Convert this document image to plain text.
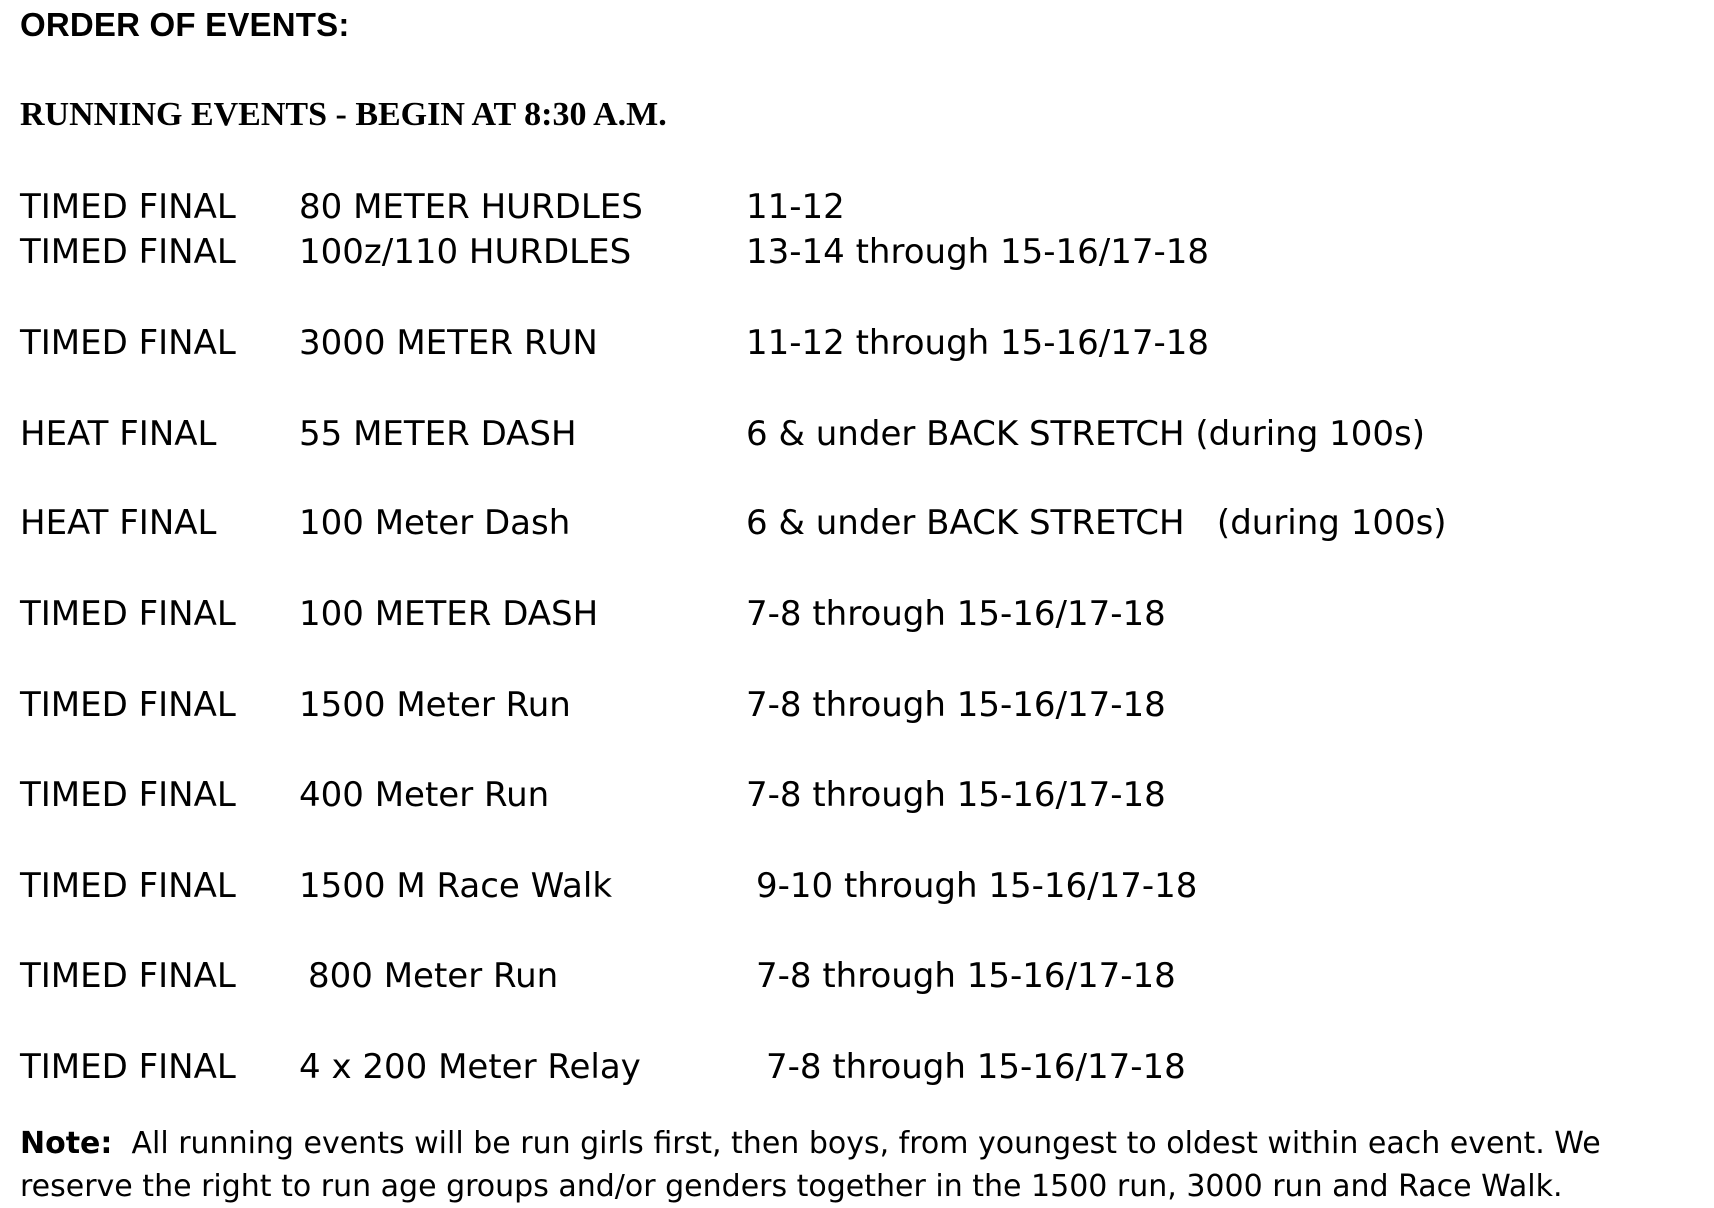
ORDER OF EVENTS:
RUNNING EVENTS - BEGIN AT 8:30 A.M.
TIMED FINAL 80 METER HURDLES	11-12
TIMED FINAL 100z/110 HURDLES	13-14 through 15-16/17-18
TIMED FINAL 3000 METER RUN	11-12 through 15-16/17-18
HEAT FINAL 55 METER DASH	6 & under BACK STRETCH (during 100s)
HEAT FINAL 100 Meter Dash	6 & under BACK STRETCH   (during 100s)
TIMED FINAL 100 METER DASH	7-8 through 15-16/17-18
TIMED FINAL 1500 Meter Run	7-8 through 15-16/17-18
TIMED FINAL 400 Meter Run	7-8 through 15-16/17-18
TIMED FINAL 1500 M Race Walk	9-10 through 15-16/17-18
TIMED FINAL 800 Meter Run	7-8 through 15-16/17-18
TIMED FINAL 4 x 200 Meter Relay	7-8 through 15-16/17-18
Note: All running events will be run girls first, then boys, from youngest to oldest within each event. We reserve the right to run age groups and/or genders together in the 1500 run, 3000 run and Race Walk.
